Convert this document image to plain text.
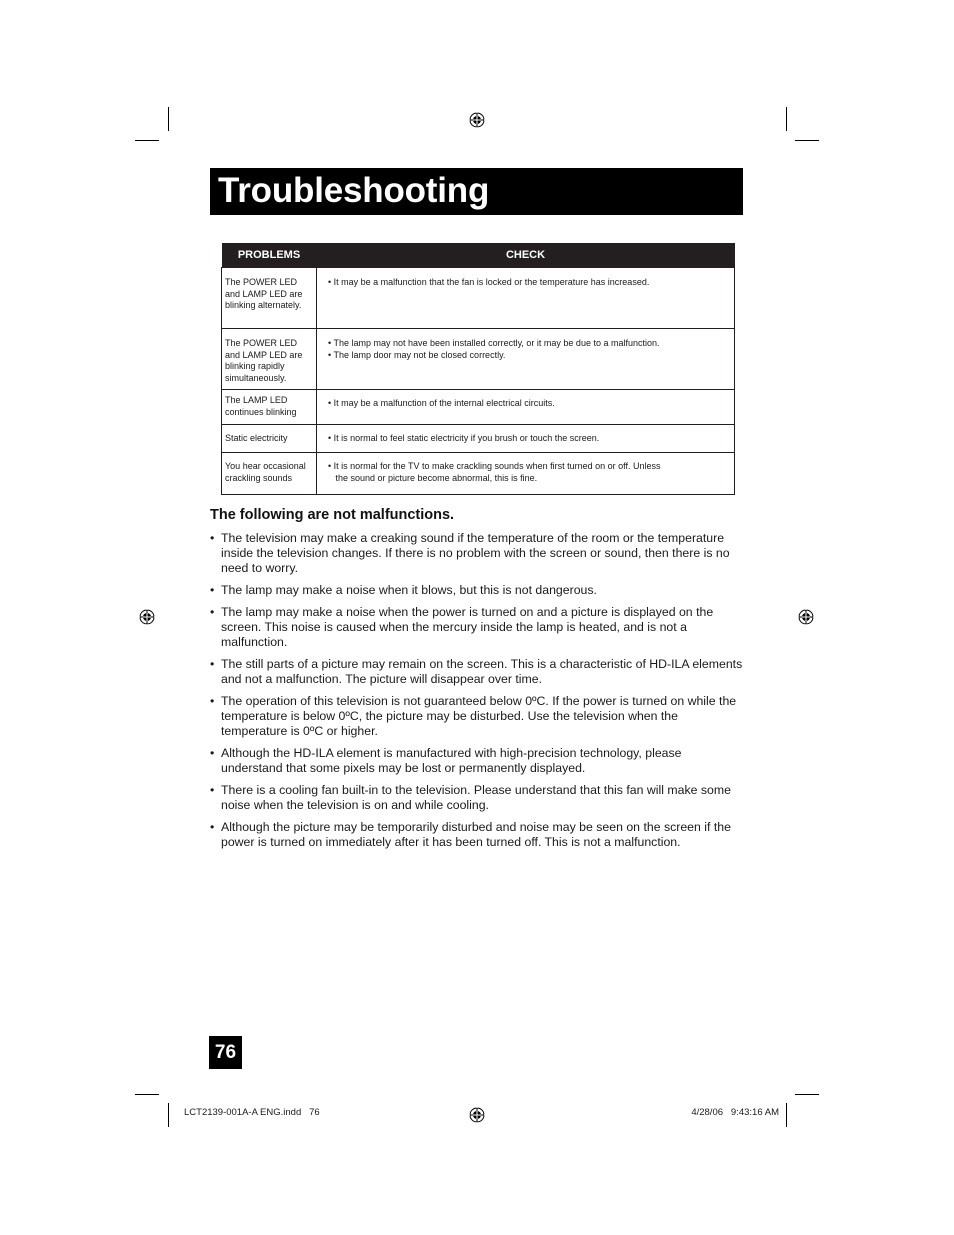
Troubleshooting
PROBLEMS	CHECK
The POWER LED and LAMP LED are blinking alternately.	• It may be a malfunction that the fan is locked or the temperature has increased.

The POWER LED and LAMP LED are blinking rapidly simultaneously.	• The lamp may not have been installed correctly, or it may be due to a malfunction.
• The lamp door may not be closed correctly.

The LAMP LED continues blinking	• It may be a malfunction of the internal electrical circuits.

Static electricity	• It is normal to feel static electricity if you brush or touch the screen.

You hear occasional crackling sounds	• It is normal for the TV to make crackling sounds when first turned on or off. Unless
the sound or picture become abnormal, this is fine.
The following are not malfunctions.
• The television may make a creaking sound if the temperature of the room or the temperature inside the television changes. If there is no problem with the screen or sound, then there is no need to worry.
• The lamp may make a noise when it blows, but this is not dangerous.
• The lamp may make a noise when the power is turned on and a picture is displayed on the screen. This noise is caused when the mercury inside the lamp is heated, and is not a malfunction.
• The still parts of a picture may remain on the screen. This is a characteristic of HD-ILA elements and not a malfunction. The picture will disappear over time.
• The operation of this television is not guaranteed below 0ºC. If the power is turned on while the temperature is below 0ºC, the picture may be disturbed. Use the television when the temperature is 0ºC or higher.
• Although the HD-ILA element is manufactured with high-precision technology, please understand that some pixels may be lost or permanently displayed.
• There is a cooling fan built-in to the television. Please understand that this fan will make some noise when the television is on and while cooling.
• Although the picture may be temporarily disturbed and noise may be seen on the screen if the power is turned on immediately after it has been turned off. This is not a malfunction.
76
LCT2139-001A-A ENG.indd   76	4/28/06   9:43:16 AM
